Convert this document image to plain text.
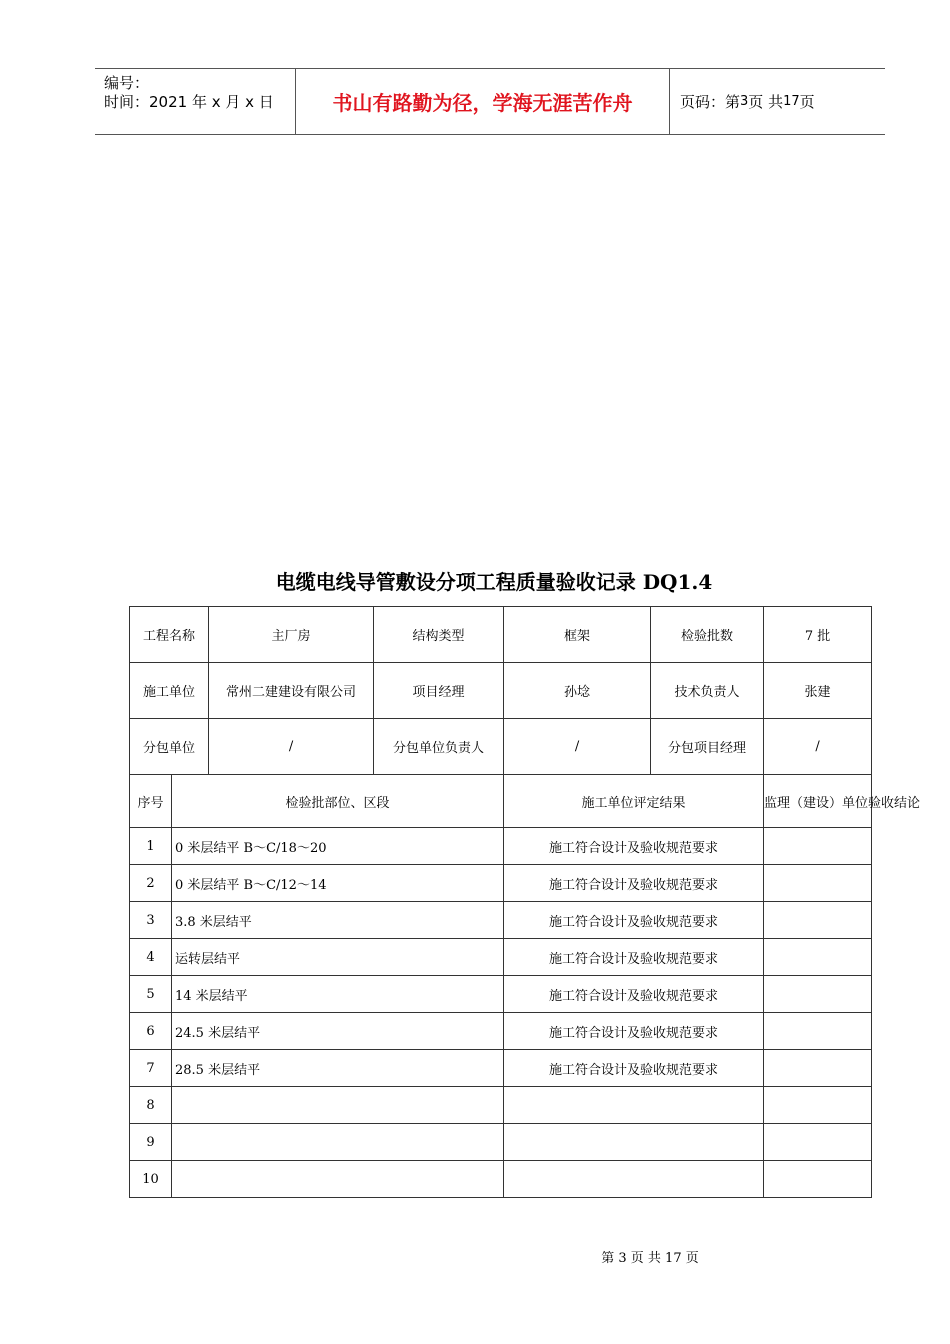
编号：
时间：2021 年 x 月 x 日	书山有路勤为径，学海无涯苦作舟	页码：第 3 页 共 17 页
电缆电线导管敷设分项工程质量验收记录 DQ1.4
工程名称		主厂房	结构类型	框架	检验批数	7 批
施工单位		常州二建建设有限公司	项目经理	孙埝	技术负责人	张建
分包单位		/	分包单位负责人	/	分包项目经理	/
序号	检验批部位、区段			施工单位评定结果		监理（建设）单位验收结论
1	0 米层结平 B～C/18～20			施工符合设计及验收规范要求		
2	0 米层结平 B～C/12～14			施工符合设计及验收规范要求		
3	3.8 米层结平			施工符合设计及验收规范要求		
4	运转层结平			施工符合设计及验收规范要求		
5	14 米层结平			施工符合设计及验收规范要求		
6	24.5 米层结平			施工符合设计及验收规范要求		
7	28.5 米层结平			施工符合设计及验收规范要求		
8						
9						
10						
第 3 页 共 17 页
